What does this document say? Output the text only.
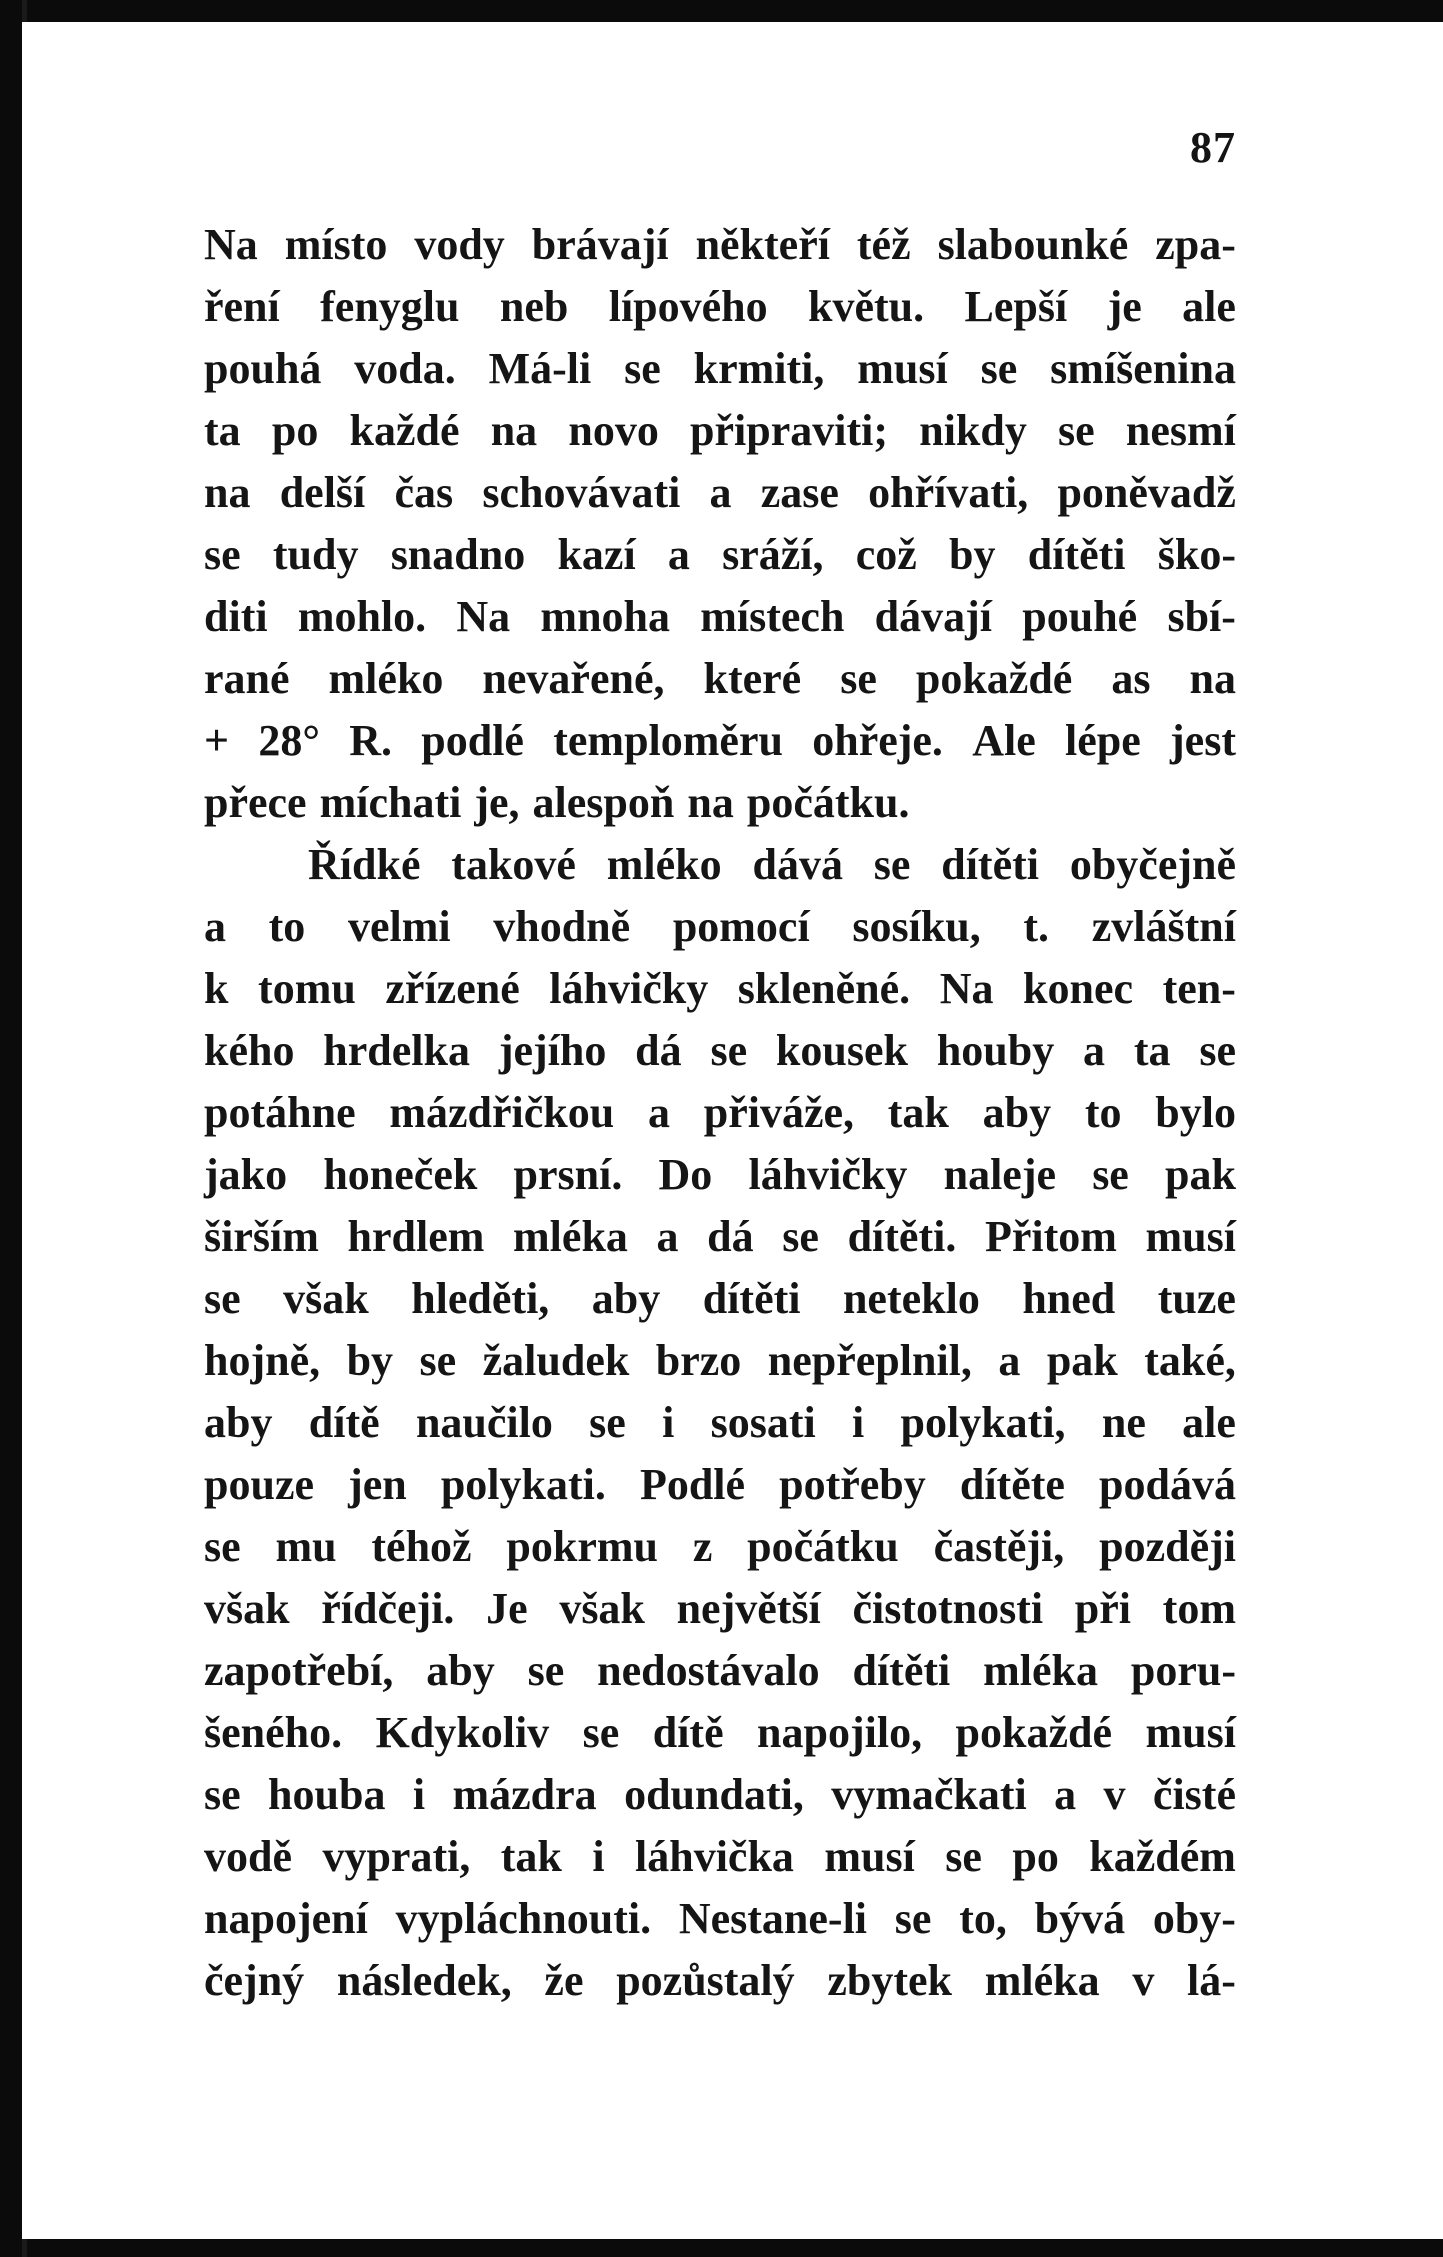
87
Na místo vody brávají někteří též slabounké zpa-
ření fenyglu neb lípového květu. Lepší je ale
pouhá voda. Má-li se krmiti, musí se smíšenina
ta po každé na novo připraviti; nikdy se nesmí
na delší čas schovávati a zase ohřívati, poněvadž
se tudy snadno kazí a sráží, což by dítěti ško-
diti mohlo. Na mnoha místech dávají pouhé sbí-
rané mléko nevařené, které se pokaždé as na
+ 28° R. podlé temploměru ohřeje. Ale lépe jest
přece míchati je, alespoň na počátku.
Řídké takové mléko dává se dítěti obyčejně
a to velmi vhodně pomocí sosíku, t. zvláštní
k tomu zřízené láhvičky skleněné. Na konec ten-
kého hrdelka jejího dá se kousek houby a ta se
potáhne mázdřičkou a přiváže, tak aby to bylo
jako honeček prsní. Do láhvičky naleje se pak
širším hrdlem mléka a dá se dítěti. Přitom musí
se však hleděti, aby dítěti neteklo hned tuze
hojně, by se žaludek brzo nepřeplnil, a pak také,
aby dítě naučilo se i sosati i polykati, ne ale
pouze jen polykati. Podlé potřeby dítěte podává
se mu téhož pokrmu z počátku častěji, později
však řídčeji. Je však největší čistotnosti při tom
zapotřebí, aby se nedostávalo dítěti mléka poru-
šeného. Kdykoliv se dítě napojilo, pokaždé musí
se houba i mázdra odundati, vymačkati a v čisté
vodě vyprati, tak i láhvička musí se po každém
napojení vypláchnouti. Nestane-li se to, bývá oby-
čejný následek, že pozůstalý zbytek mléka v lá-
